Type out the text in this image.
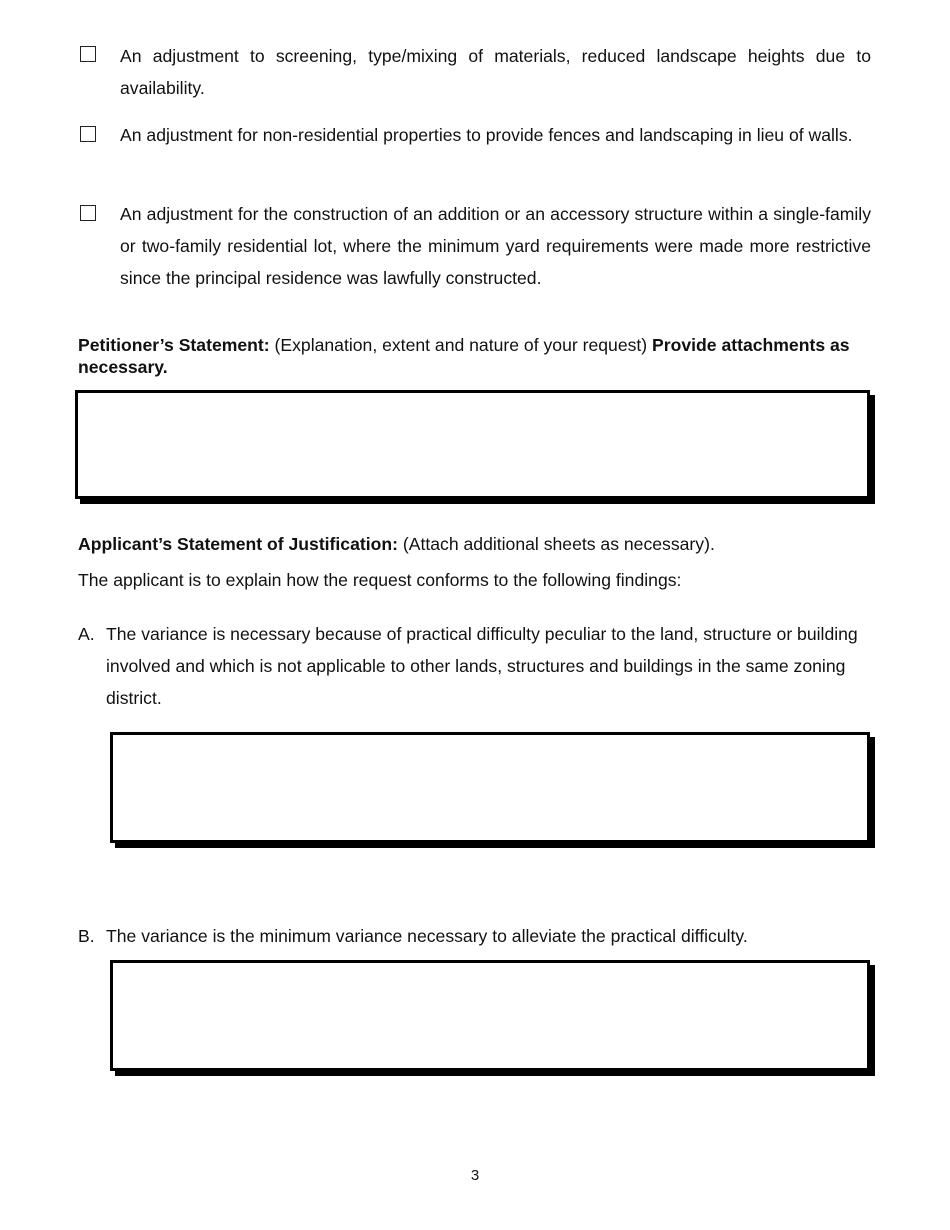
An adjustment to screening, type/mixing of materials, reduced landscape heights due to availability.
An adjustment for non-residential properties to provide fences and landscaping in lieu of walls.
An adjustment for the construction of an addition or an accessory structure within a single-family or two-family residential lot, where the minimum yard requirements were made more restrictive since the principal residence was lawfully constructed.
Petitioner’s Statement: (Explanation, extent and nature of your request) Provide attachments as necessary.
Applicant’s Statement of Justification: (Attach additional sheets as necessary).
The applicant is to explain how the request conforms to the following findings:
A. The variance is necessary because of practical difficulty peculiar to the land, structure or building involved and which is not applicable to other lands, structures and buildings in the same zoning district.
B. The variance is the minimum variance necessary to alleviate the practical difficulty.
3
